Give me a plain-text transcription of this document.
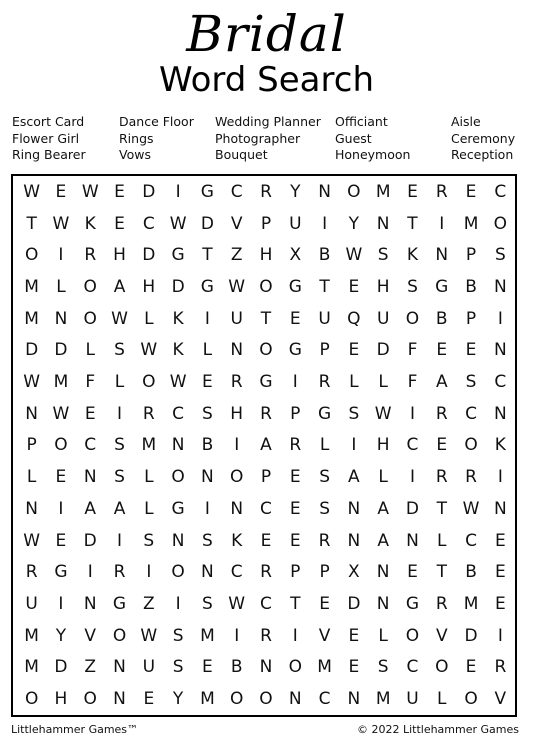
Bridal
Word Search
Escort Card
Flower Girl
Ring Bearer
Dance Floor
Rings
Vows
Wedding Planner
Photographer
Bouquet
Officiant
Guest
Honeymoon
Aisle
Ceremony
Reception
W E W E	D	I	G C	R	Y	N O M E	R	E	C
T W K	E	C W D V	P	U	I	Y	N	T	I	M O
O	I	R	H D G	T	Z	H	X	B W S	K	N	P	S
M	L	O A	H D G W O G	T	E	H	S	G B	N
M N O W L	K	I	U	T	E	U Q U O B	P	I
D D	L	S W K	L	N O G	P	E	D	F	E	E	N
W M	F	L	O W E	R G	I	R	L	L	F	A	S	C
N W E	I	R	C	S	H R	P	G	S W	I	R	C	N
P	O C	S M N	B	I	A	R	L	I	H C	E	O	K
L	E	N	S	L	O N O	P	E	S	A	L	I	R	R	I
N	I	A	A	L	G	I	N	C	E	S	N	A D	T W N
W E	D	I	S	N	S	K	E	E	R	N	A	N	L	C	E
R G	I	R	I	O N	C	R	P	P	X	N	E	T	B	E
U	I	N G Z	I	S W C	T	E	D N G R M E
M Y	V O W S M	I	R	I	V	E	L	O V D	I
M D Z	N U	S	E	B	N O M E	S	C O	E	R
O H O N	E	Y M O O N	C	N M U	L	O V
Littlehammer Games™	© 2022 Littlehammer Games
